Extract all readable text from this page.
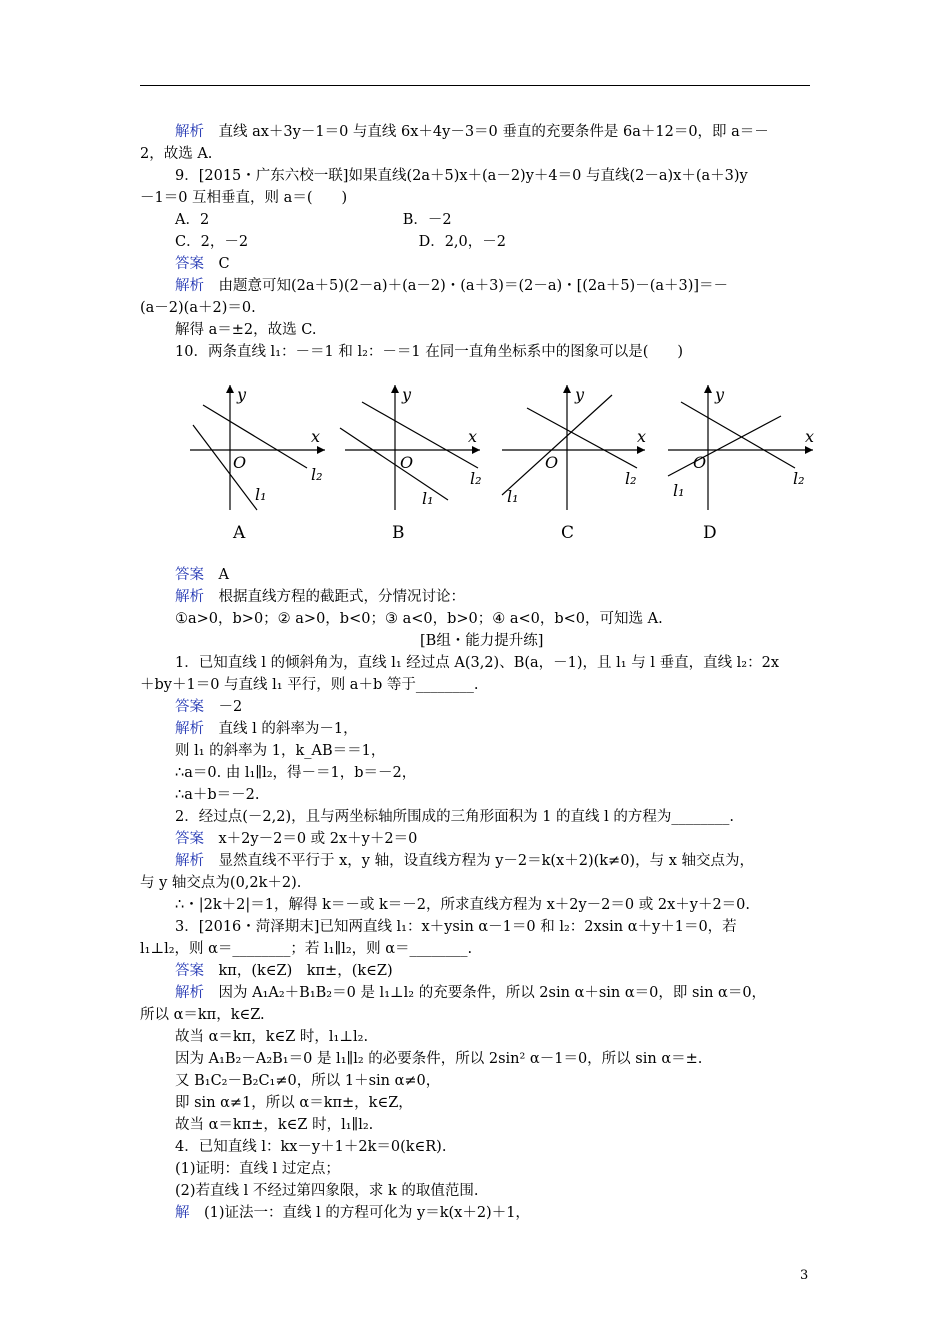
解析　直线 ax＋3y－1＝0 与直线 6x＋4y－3＝0 垂直的充要条件是 6a＋12＝0，即 a＝－
2，故选 A.
9．[2015・广东六校一联]如果直线(2a＋5)x＋(a－2)y＋4＝0 与直线(2－a)x＋(a＋3)y
－1＝0 互相垂直，则 a＝(　　)
A．2                                          B．－2
C．2，－2                                     D．2,0，－2
答案　C
解析　由题意可知(2a＋5)(2－a)＋(a－2)・(a＋3)＝(2－a)・[(2a＋5)－(a＋3)]＝－
(a－2)(a＋2)＝0.
解得 a＝±2，故选 C.
10．两条直线 l₁：－＝1 和 l₂：－＝1 在同一直角坐标系中的图象可以是(　　)
答案　A
解析　根据直线方程的截距式，分情况讨论：
①a>0，b>0；② a>0，b<0；③ a<0，b>0；④ a<0，b<0，可知选 A.
[B组・能力提升练]
1．已知直线 l 的倾斜角为，直线 l₁ 经过点 A(3,2)、B(a，－1)，且 l₁ 与 l 垂直，直线 l₂：2x
＋by＋1＝0 与直线 l₁ 平行，则 a＋b 等于________.
答案　－2
解析　直线 l 的斜率为－1，
则 l₁ 的斜率为 1，k_AB＝＝1，
∴a＝0. 由 l₁∥l₂，得－＝1，b＝－2，
∴a＋b＝－2.
2．经过点(－2,2)，且与两坐标轴所围成的三角形面积为 1 的直线 l 的方程为________.
答案　x＋2y－2＝0 或 2x＋y＋2＝0
解析　显然直线不平行于 x，y 轴，设直线方程为 y－2＝k(x＋2)(k≠0)，与 x 轴交点为，
与 y 轴交点为(0,2k＋2).
∴・|2k＋2|＝1，解得 k＝－或 k＝－2，所求直线方程为 x＋2y－2＝0 或 2x＋y＋2＝0.
3．[2016・菏泽期末]已知两直线 l₁：x＋ysin α－1＝0 和 l₂：2xsin α＋y＋1＝0，若
l₁⊥l₂，则 α＝________；若 l₁∥l₂，则 α＝________.
答案　kπ，(k∈Z)　kπ±，(k∈Z)
解析　因为 A₁A₂＋B₁B₂＝0 是 l₁⊥l₂ 的充要条件，所以 2sin α＋sin α＝0，即 sin α＝0，
所以 α＝kπ，k∈Z.
故当 α＝kπ，k∈Z 时，l₁⊥l₂.
因为 A₁B₂－A₂B₁＝0 是 l₁∥l₂ 的必要条件，所以 2sin² α－1＝0，所以 sin α＝±.
又 B₁C₂－B₂C₁≠0，所以 1＋sin α≠0，
即 sin α≠1，所以 α＝kπ±，k∈Z，
故当 α＝kπ±，k∈Z 时，l₁∥l₂.
4．已知直线 l：kx－y＋1＋2k＝0(k∈R).
(1)证明：直线 l 过定点；
(2)若直线 l 不经过第四象限，求 k 的取值范围.
解　(1)证法一：直线 l 的方程可化为 y＝k(x＋2)＋1，
y
x
O
l₁
l₂
A
y
x
O
l₁
l₂
B
y
x
O
l₁
l₂
C
y
x
O
l₁
l₂
D
3
